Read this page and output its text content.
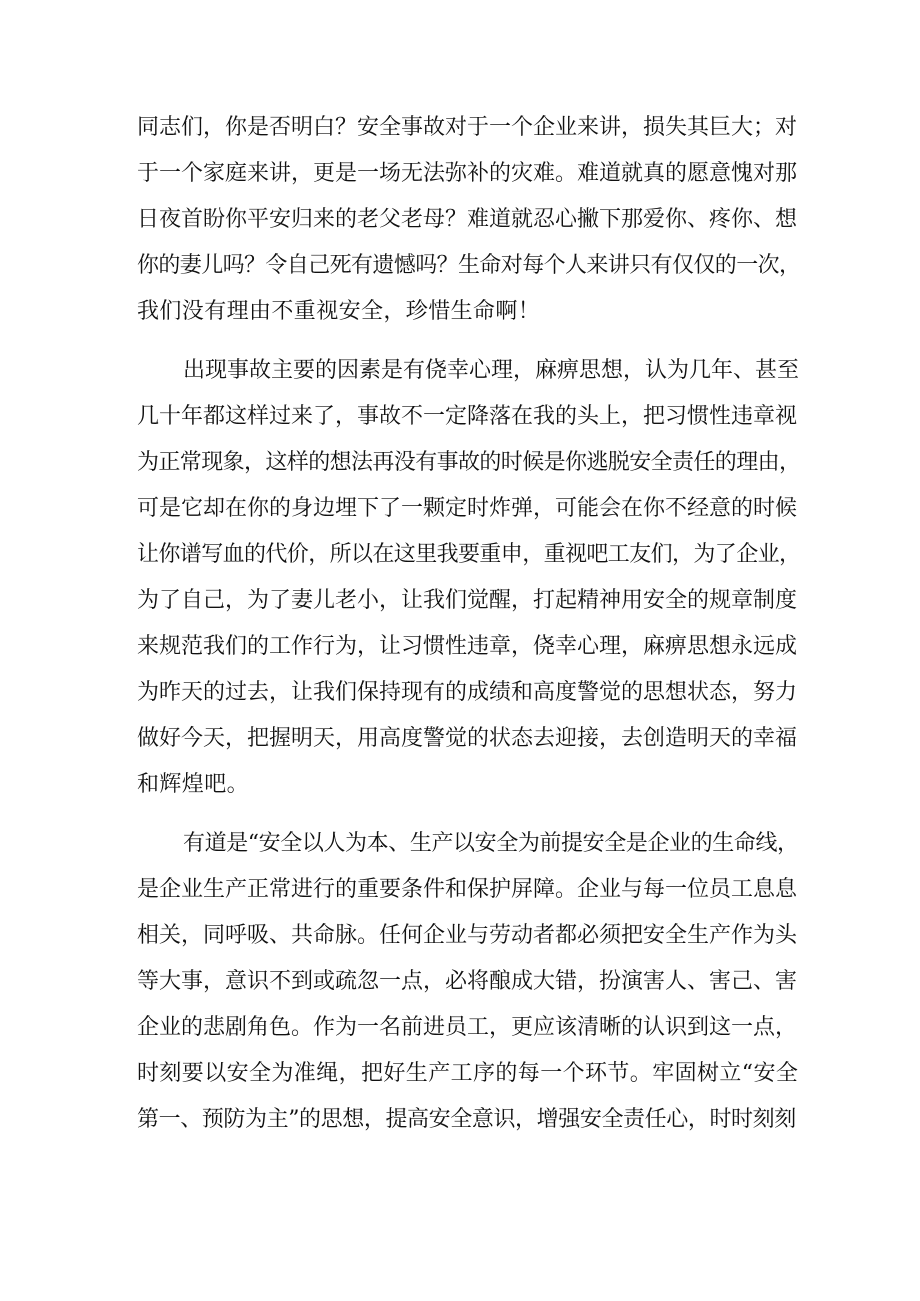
同志们，你是否明白？安全事故对于一个企业来讲，损失其巨大；对
于一个家庭来讲，更是一场无法弥补的灾难。难道就真的愿意愧对那
日夜首盼你平安归来的老父老母？难道就忍心撇下那爱你、疼你、想
你的妻儿吗？令自己死有遗憾吗？生命对每个人来讲只有仅仅的一次，
我们没有理由不重视安全，珍惜生命啊！
出现事故主要的因素是有侥幸心理，麻痹思想，认为几年、甚至
几十年都这样过来了，事故不一定降落在我的头上，把习惯性违章视
为正常现象，这样的想法再没有事故的时候是你逃脱安全责任的理由，
可是它却在你的身边埋下了一颗定时炸弹，可能会在你不经意的时候
让你谱写血的代价，所以在这里我要重申，重视吧工友们，为了企业，
为了自己，为了妻儿老小，让我们觉醒，打起精神用安全的规章制度
来规范我们的工作行为，让习惯性违章，侥幸心理，麻痹思想永远成
为昨天的过去，让我们保持现有的成绩和高度警觉的思想状态，努力
做好今天，把握明天，用高度警觉的状态去迎接，去创造明天的幸福
和辉煌吧。
有道是“安全以人为本、生产以安全为前提安全是企业的生命线，
是企业生产正常进行的重要条件和保护屏障。企业与每一位员工息息
相关，同呼吸、共命脉。任何企业与劳动者都必须把安全生产作为头
等大事，意识不到或疏忽一点，必将酿成大错，扮演害人、害己、害
企业的悲剧角色。作为一名前进员工，更应该清晰的认识到这一点，
时刻要以安全为准绳，把好生产工序的每一个环节。牢固树立“安全
第一、预防为主”的思想，提高安全意识，增强安全责任心，时时刻刻
